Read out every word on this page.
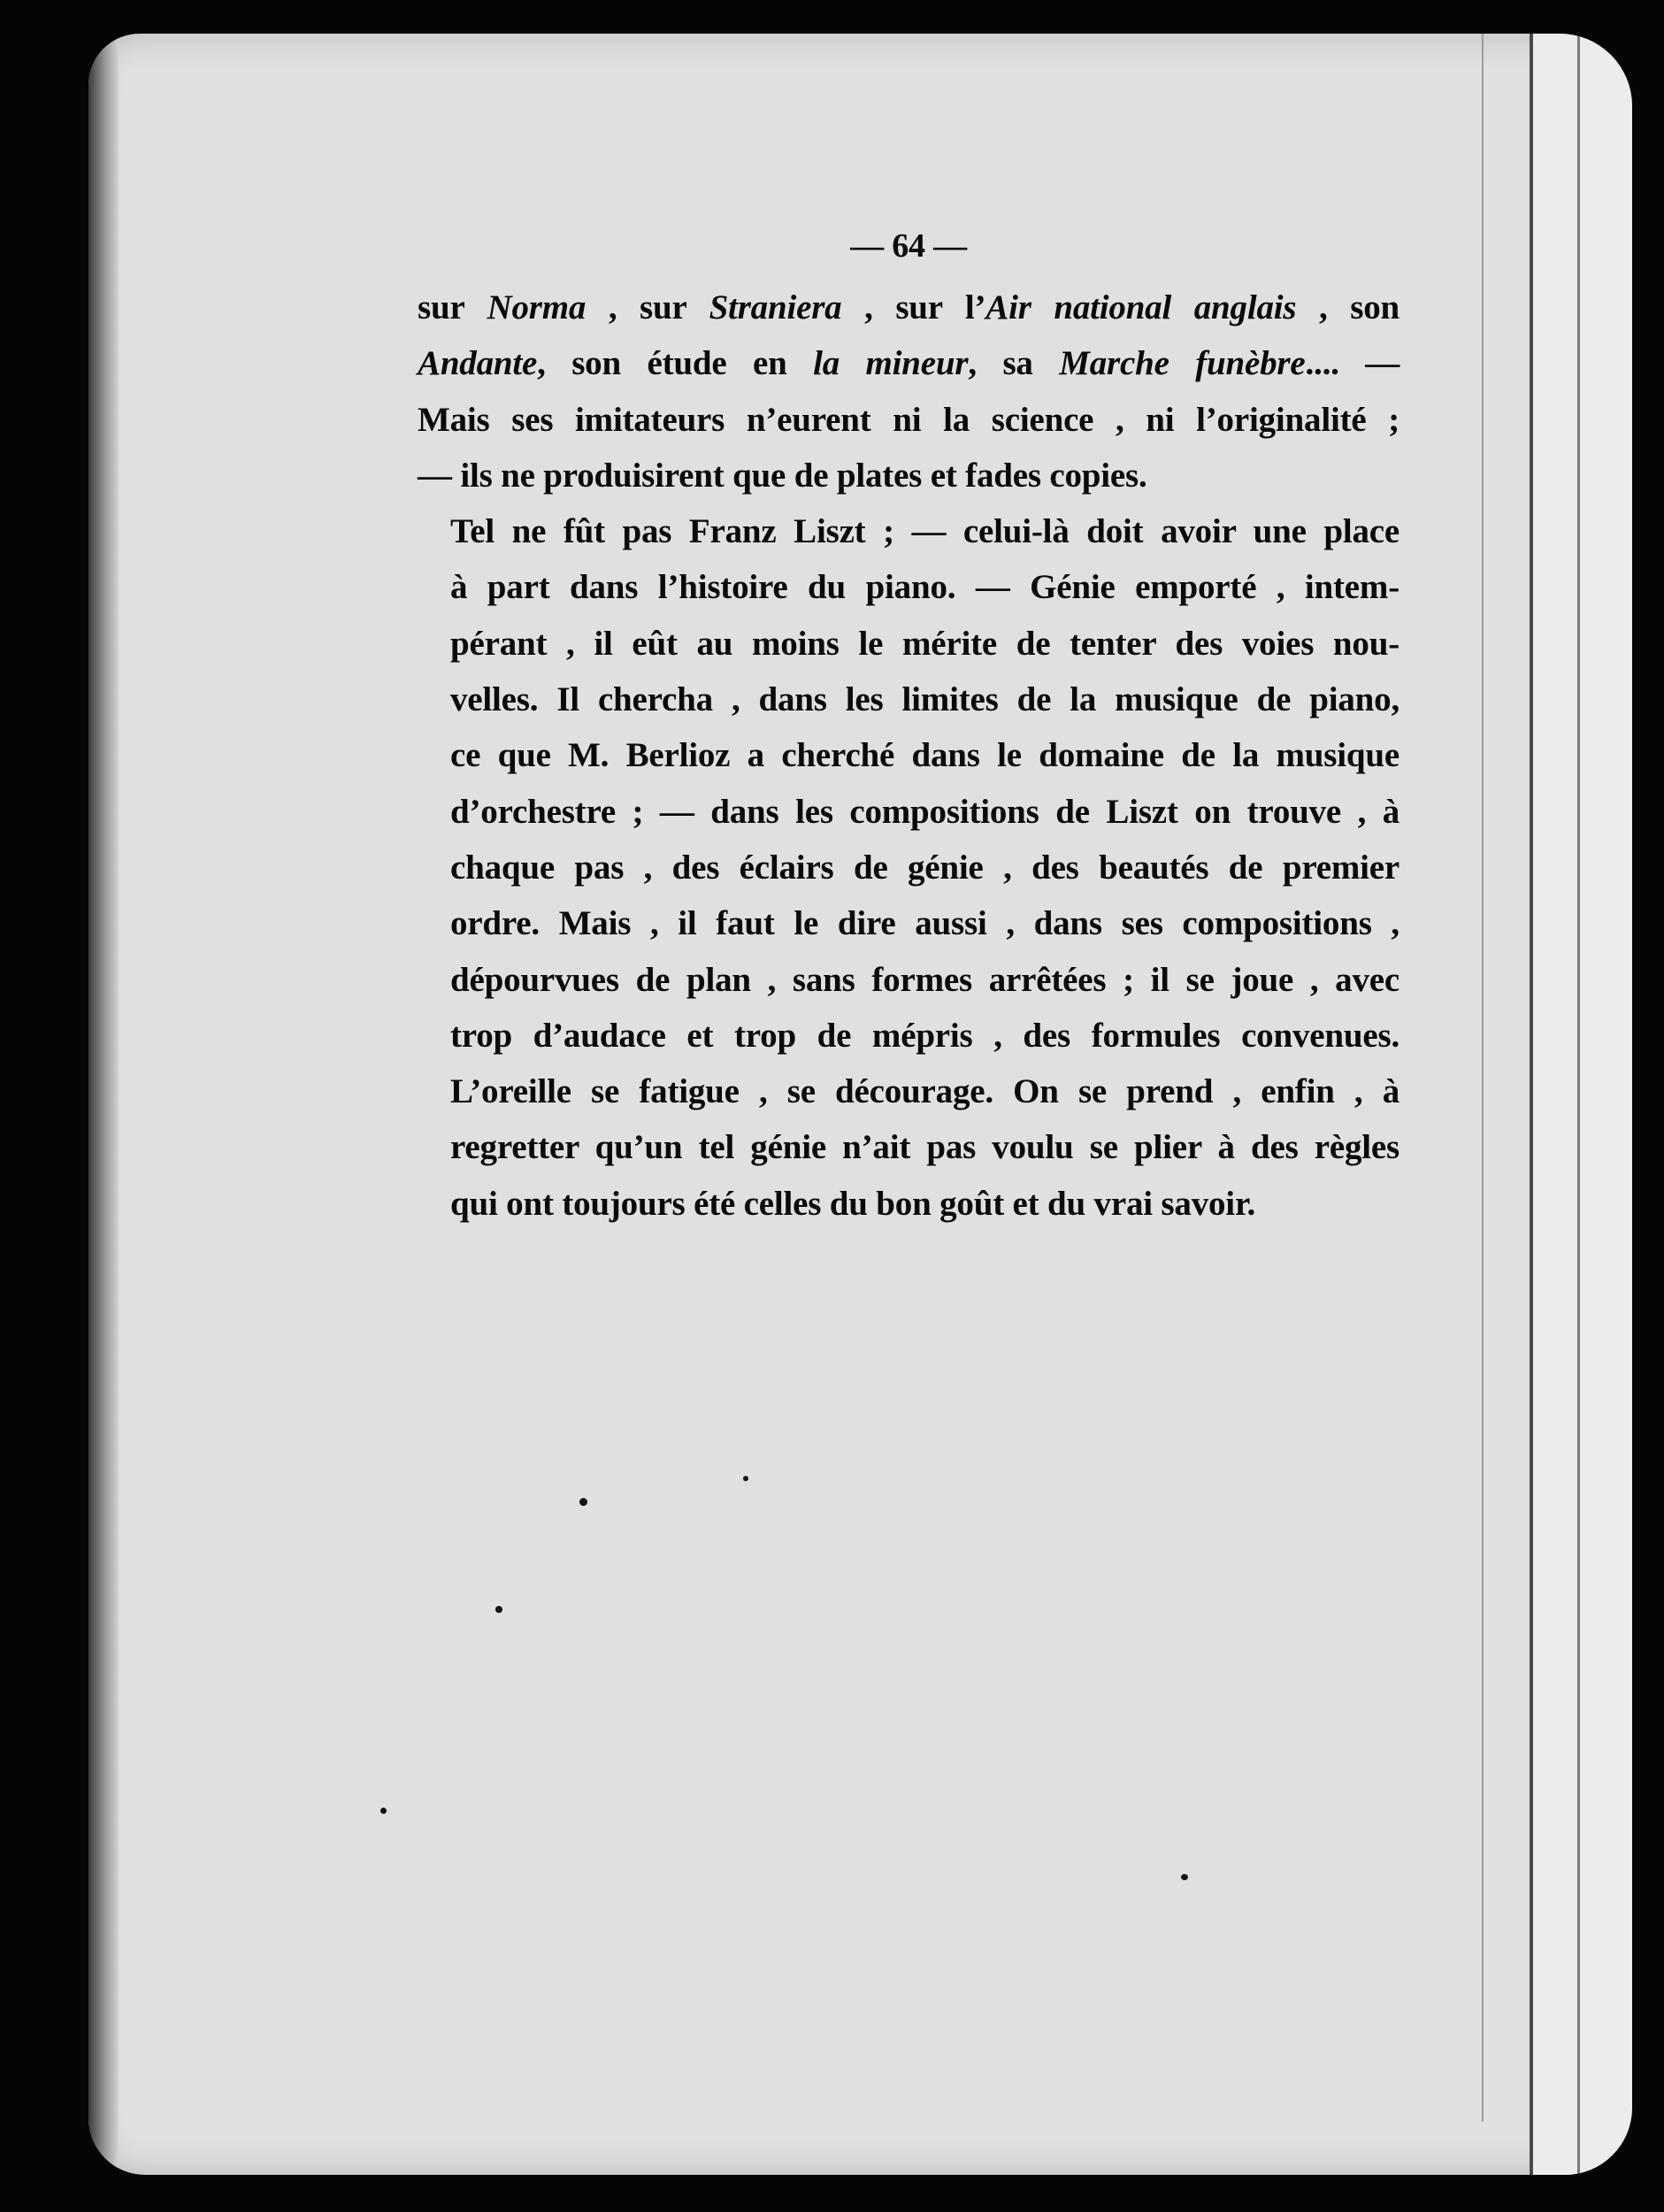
— 64 —

sur Norma , sur Straniera , sur l’Air national anglais , son
Andante, son étude en la mineur, sa Marche funèbre.... —
Mais ses imitateurs n’eurent ni la science , ni l’originalité ;
— ils ne produisirent que de plates et fades copies.

Tel ne fût pas Franz Liszt ; — celui-là doit avoir une place
à part dans l’histoire du piano. — Génie emporté , intem-
pérant , il eût au moins le mérite de tenter des voies nou-
velles. Il chercha , dans les limites de la musique de piano,
ce que M. Berlioz a cherché dans le domaine de la musique
d’orchestre ; — dans les compositions de Liszt on trouve , à
chaque pas , des éclairs de génie , des beautés de premier
ordre. Mais , il faut le dire aussi , dans ses compositions ,
dépourvues de plan , sans formes arrêtées ; il se joue , avec
trop d’audace et trop de mépris , des formules convenues.
L’oreille se fatigue , se décourage. On se prend , enfin , à
regretter qu’un tel génie n’ait pas voulu se plier à des règles
qui ont toujours été celles du bon goût et du vrai savoir.
